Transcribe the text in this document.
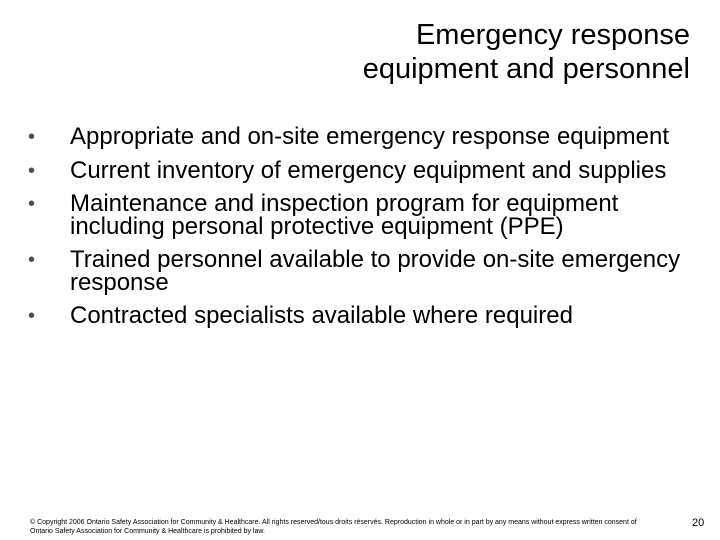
Emergency response
equipment and personnel
• Appropriate and on-site emergency response equipment
• Current inventory of emergency equipment and supplies
• Maintenance and inspection program for equipment including personal protective equipment (PPE)
• Trained personnel available to provide on-site emergency response
• Contracted specialists available where required
© Copyright 2006 Ontario Safety Association for Community & Healthcare. All rights reserved/tous droits réservés. Reproduction in whole or in part by any means without express written consent of Ontario Safety Association for Community & Healthcare is prohibited by law.
20
